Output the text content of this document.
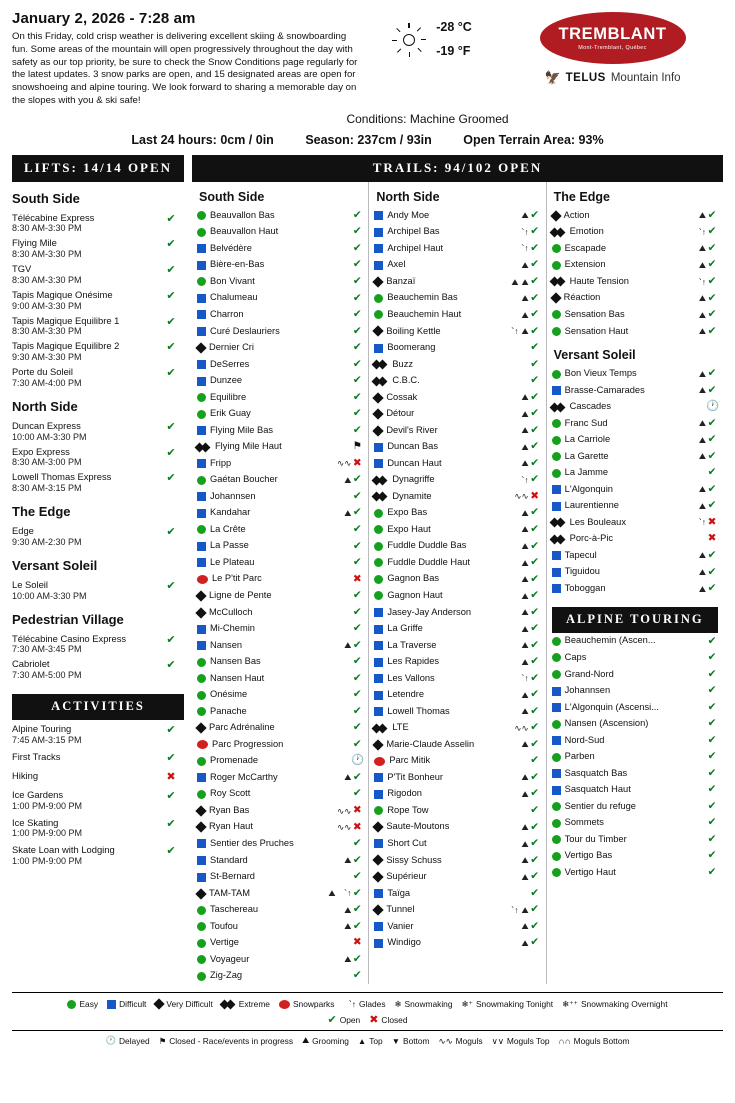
January 2, 2026 - 7:28 am
On this Friday, cold crisp weather is delivering excellent skiing & snowboarding fun. Some areas of the mountain will open progressively throughout the day with safety as our top priority, be sure to check the Snow Conditions page regularly for the latest updates. 3 snow parks are open, and 15 designated areas are open for snowshoeing and alpine touring. We look forward to sharing a memorable day on the slopes with you & ski safe!
-28 °C
-19 °F
TREMBLANT
Mont-Tremblant, Québec
🦅 TELUS Mountain Info
Conditions: Machine Groomed
Last 24 hours: 0cm / 0in	Season: 237cm / 93in	Open Terrain Area: 93%
LIFTS: 14/14 OPEN
South Side
Télécabine Express
8:30 AM-3:30 PM
✔
Flying Mile
8:30 AM-3:30 PM
✔
TGV
8:30 AM-3:30 PM
✔
Tapis Magique Onésime
9:00 AM-3:30 PM
✔
Tapis Magique Equilibre 1
8:30 AM-3:30 PM
✔
Tapis Magique Equilibre 2
9:30 AM-3:30 PM
✔
Porte du Soleil
7:30 AM-4:00 PM
✔
North Side
Duncan Express
10:00 AM-3:30 PM
✔
Expo Express
8:30 AM-3:00 PM
✔
Lowell Thomas Express
8:30 AM-3:15 PM
✔
The Edge
Edge
9:30 AM-2:30 PM
✔
Versant Soleil
Le Soleil
10:00 AM-3:30 PM
✔
Pedestrian Village
Télécabine Casino Express
7:30 AM-3:45 PM
✔
Cabriolet
7:30 AM-5:00 PM
✔
ACTIVITIES
Alpine Touring
7:45 AM-3:15 PM
✔
First Tracks	✔
Hiking	✖
Ice Gardens
1:00 PM-9:00 PM
✔
Ice Skating
1:00 PM-9:00 PM
✔
Skate Loan with Lodging
1:00 PM-9:00 PM
✔
TRAILS: 94/102 OPEN
South Side
Beauvallon Bas	✔
Beauvallon Haut	✔
Belvédère	✔
Bière-en-Bas	✔
Bon Vivant	✔
Chalumeau	✔
Charron	✔
Curé Deslauriers	✔
Dernier Cri	✔
DeSerres	✔
Dunzee	✔
Equilibre	✔
Erik Guay	✔
Flying Mile Bas	✔
Flying Mile Haut	⚑
Fripp	∿∿ ✖
Gaétan Boucher	⛰ ✔
Johannsen	✔
Kandahar	⛰ ✔
La Crête	✔
La Passe	✔
Le Plateau	✔
Le P'tit Parc	✖
Ligne de Pente	✔
McCulloch	✔
Mi-Chemin	✔
Nansen	⛰ ✔
Nansen Bas	✔
Nansen Haut	✔
Onésime	✔
Panache	✔
Parc Adrénaline	✔
Parc Progression	✔
Promenade	🕐
Roger McCarthy	⛰ ✔
Roy Scott	✔
Ryan Bas	∿∿ ✖
Ryan Haut	∿∿ ✖
Sentier des Pruches	✔
Standard	⛰ ✔
St-Bernard	✔
TAM-TAM	⛰ ︑↑ ✔
Taschereau	⛰ ✔
Toufou	⛰ ✔
Vertige	✖
Voyageur	⛰ ✔
Zig-Zag	✔
North Side
Andy Moe	⛰ ✔
Archipel Bas	︑↑ ✔
Archipel Haut	︑↑ ✔
Axel	⛰ ✔
Banzaï	⛰ ⛰ ✔
Beauchemin Bas	⛰ ✔
Beauchemin Haut	⛰ ✔
Boiling Kettle	︑↑ ⛰ ✔
Boomerang	✔
Buzz	✔
C.B.C.	✔
Cossak	⛰ ✔
Détour	⛰ ✔
Devil's River	⛰ ✔
Duncan Bas	⛰ ✔
Duncan Haut	⛰ ✔
Dynagriffe	︑↑ ✔
Dynamite	∿∿ ✖
Expo Bas	⛰ ✔
Expo Haut	⛰ ✔
Fuddle Duddle Bas	⛰ ✔
Fuddle Duddle Haut	⛰ ✔
Gagnon Bas	⛰ ✔
Gagnon Haut	⛰ ✔
Jasey-Jay Anderson	⛰ ✔
La Griffe	⛰ ✔
La Traverse	⛰ ✔
Les Rapides	⛰ ✔
Les Vallons	︑↑ ✔
Letendre	⛰ ✔
Lowell Thomas	⛰ ✔
LTE	∿∿ ✔
Marie-Claude Asselin	⛰ ✔
Parc Mitik	✔
P'Tit Bonheur	⛰ ✔
Rigodon	⛰ ✔
Rope Tow	✔
Saute-Moutons	⛰ ✔
Short Cut	⛰ ✔
Sissy Schuss	⛰ ✔
Supérieur	⛰ ✔
Taïga	✔
Tunnel	︑↑ ⛰ ✔
Vanier	⛰ ✔
Windigo	⛰ ✔
The Edge
Action	⛰ ✔
Emotion	︑↑ ✔
Escapade	⛰ ✔
Extension	⛰ ✔
Haute Tension	︑↑ ✔
Réaction	⛰ ✔
Sensation Bas	⛰ ✔
Sensation Haut	⛰ ✔
Versant Soleil
Bon Vieux Temps	⛰ ✔
Brasse-Camarades	⛰ ✔
Cascades	🕐
Franc Sud	⛰ ✔
La Carriole	⛰ ✔
La Garette	⛰ ✔
La Jamme	✔
L'Algonquin	⛰ ✔
Laurentienne	⛰ ✔
Les Bouleaux	︑↑ ✖
Porc-à-Pic	✖
Tapecul	⛰ ✔
Tiguidou	⛰ ✔
Toboggan	⛰ ✔
ALPINE TOURING
Beauchemin (Ascen...	✔
Caps	✔
Grand-Nord	✔
Johannsen	✔
L'Algonquin (Ascensi...	✔
Nansen (Ascension)	✔
Nord-Sud	✔
Parben	✔
Sasquatch Bas	✔
Sasquatch Haut	✔
Sentier du refuge	✔
Sommets	✔
Tour du Timber	✔
Vertigo Bas	✔
Vertigo Haut	✔
Easy	Difficult Very Difficult	Extreme	Snowparks ︑↑ Glades ❄ Snowmaking ❄⁺ Snowmaking Tonight ❄⁺⁺ Snowmaking Overnight
✔ Open ✖ Closed
🕐 Delayed ⚑ Closed - Race/events in progress ⛰ Grooming ▲ Top ▼ Bottom ∿∿ Moguls ∨∨ Moguls Top ∩∩ Moguls Bottom
